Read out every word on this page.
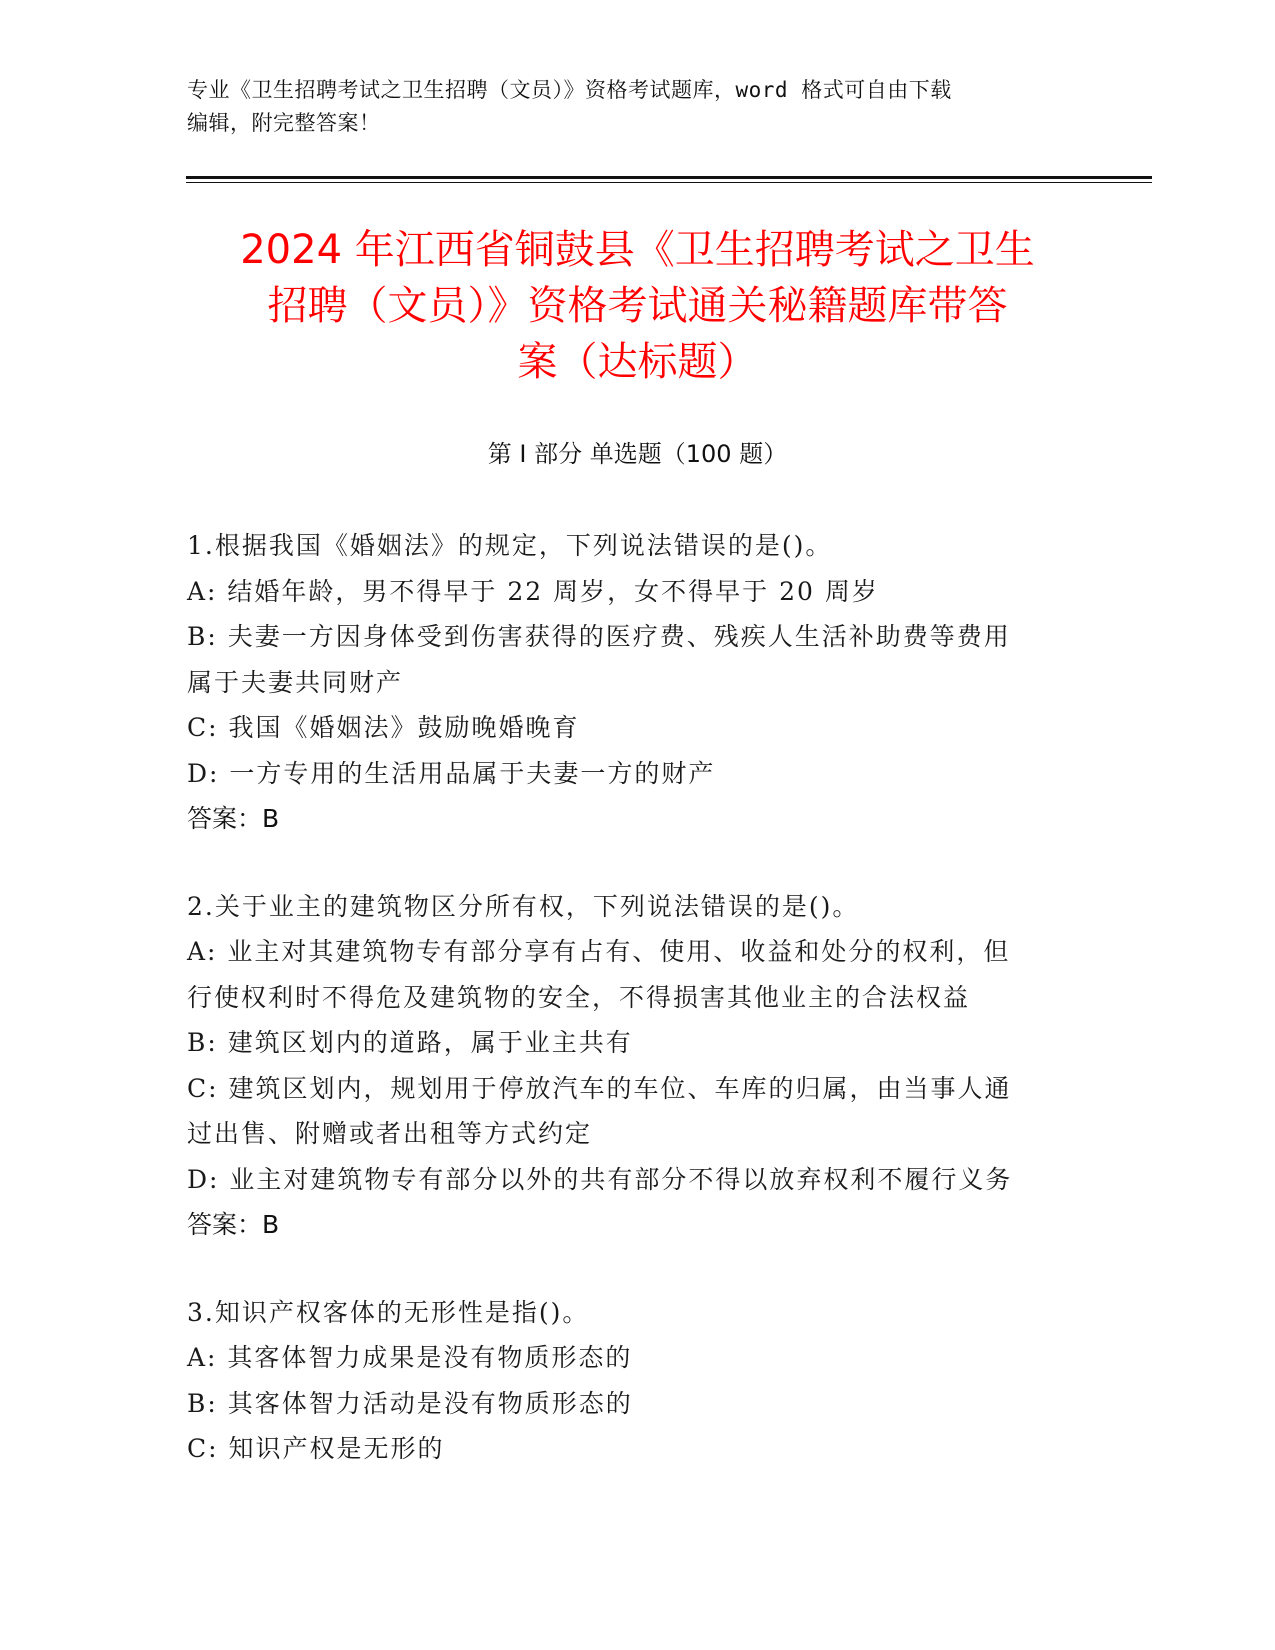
专业《卫生招聘考试之卫生招聘（文员）》资格考试题库，word 格式可自由下载
编辑，附完整答案！
2024 年江西省铜鼓县《卫生招聘考试之卫生
招聘（文员）》资格考试通关秘籍题库带答
案（达标题）
第 I 部分 单选题（100 题）
1.根据我国《婚姻法》的规定，下列说法错误的是()。
A: 结婚年龄，男不得早于 22 周岁，女不得早于 20 周岁
B: 夫妻一方因身体受到伤害获得的医疗费、残疾人生活补助费等费用
属于夫妻共同财产
C: 我国《婚姻法》鼓励晚婚晚育
D: 一方专用的生活用品属于夫妻一方的财产
答案：B
2.关于业主的建筑物区分所有权，下列说法错误的是()。
A: 业主对其建筑物专有部分享有占有、使用、收益和处分的权利，但
行使权利时不得危及建筑物的安全，不得损害其他业主的合法权益
B: 建筑区划内的道路，属于业主共有
C: 建筑区划内，规划用于停放汽车的车位、车库的归属，由当事人通
过出售、附赠或者出租等方式约定
D: 业主对建筑物专有部分以外的共有部分不得以放弃权利不履行义务
答案：B
3.知识产权客体的无形性是指()。
A: 其客体智力成果是没有物质形态的
B: 其客体智力活动是没有物质形态的
C: 知识产权是无形的
